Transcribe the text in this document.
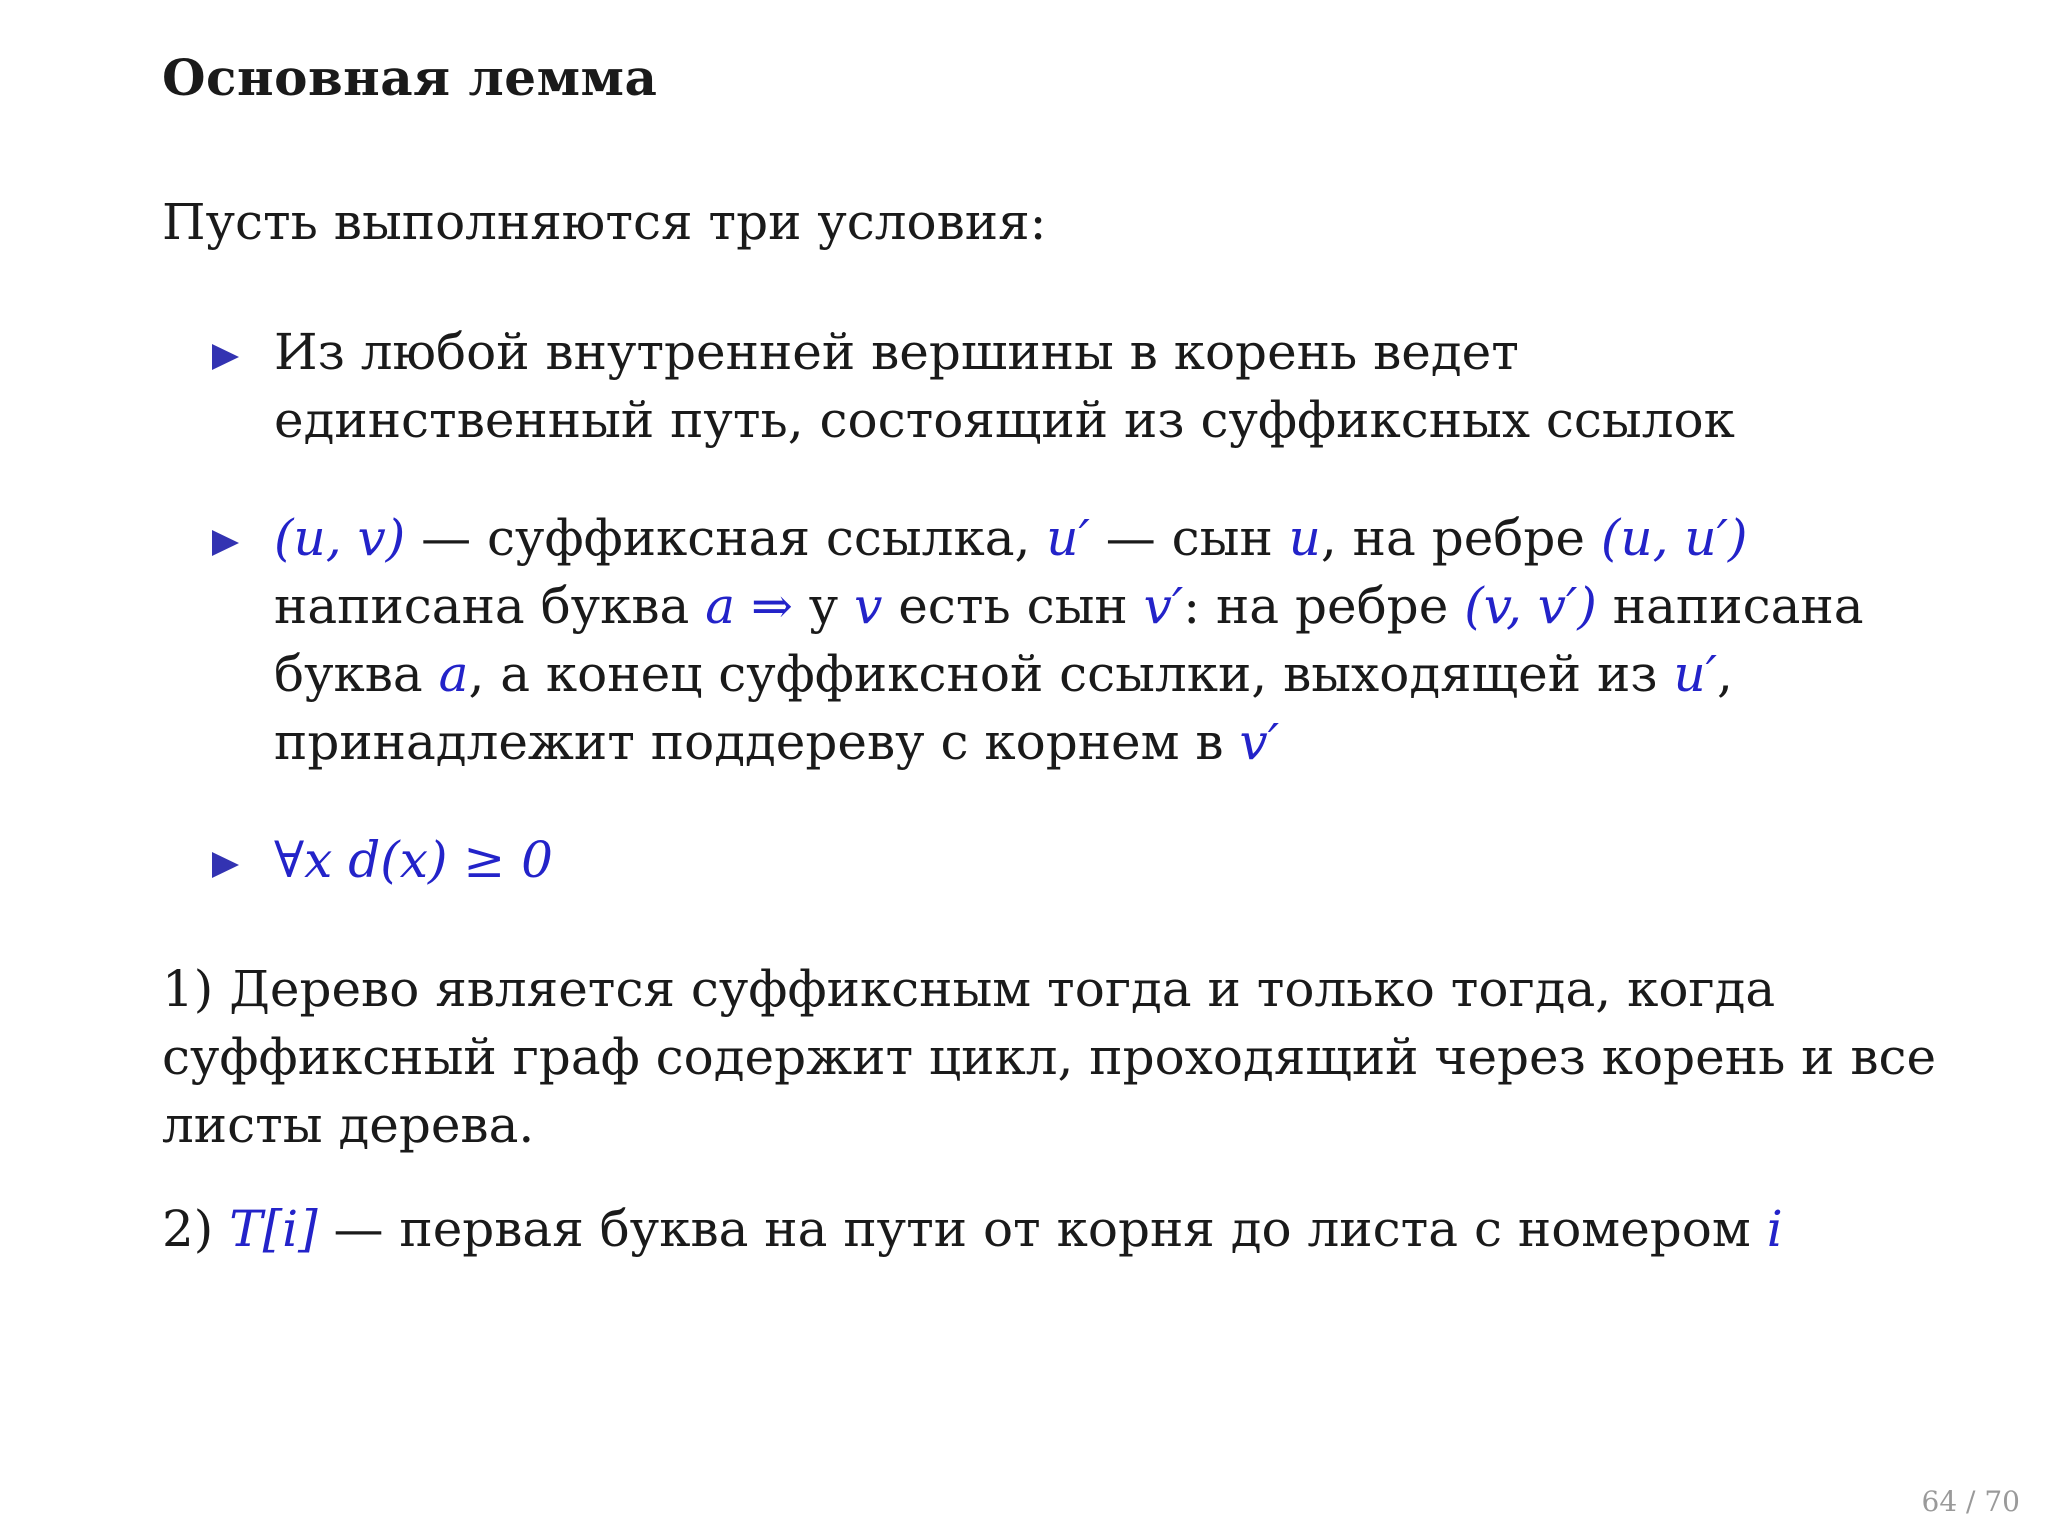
Основная лемма
Пусть выполняются три условия:
Из любой внутренней вершины в корень ведет единственный путь, состоящий из суффиксных ссылок
(u, v) — суффиксная ссылка, u′ — сын u, на ребре (u, u′) написана буква a ⇒ у v есть сын v′: на ребре (v, v′) написана буква a, а конец суффиксной ссылки, выходящей из u′, принадлежит поддереву с корнем в v′
∀x d(x) ≥ 0
1) Дерево является суффиксным тогда и только тогда, когда суффиксный граф содержит цикл, проходящий через корень и все листы дерева.
2) T[i] — первая буква на пути от корня до листа с номером i
64 / 70
